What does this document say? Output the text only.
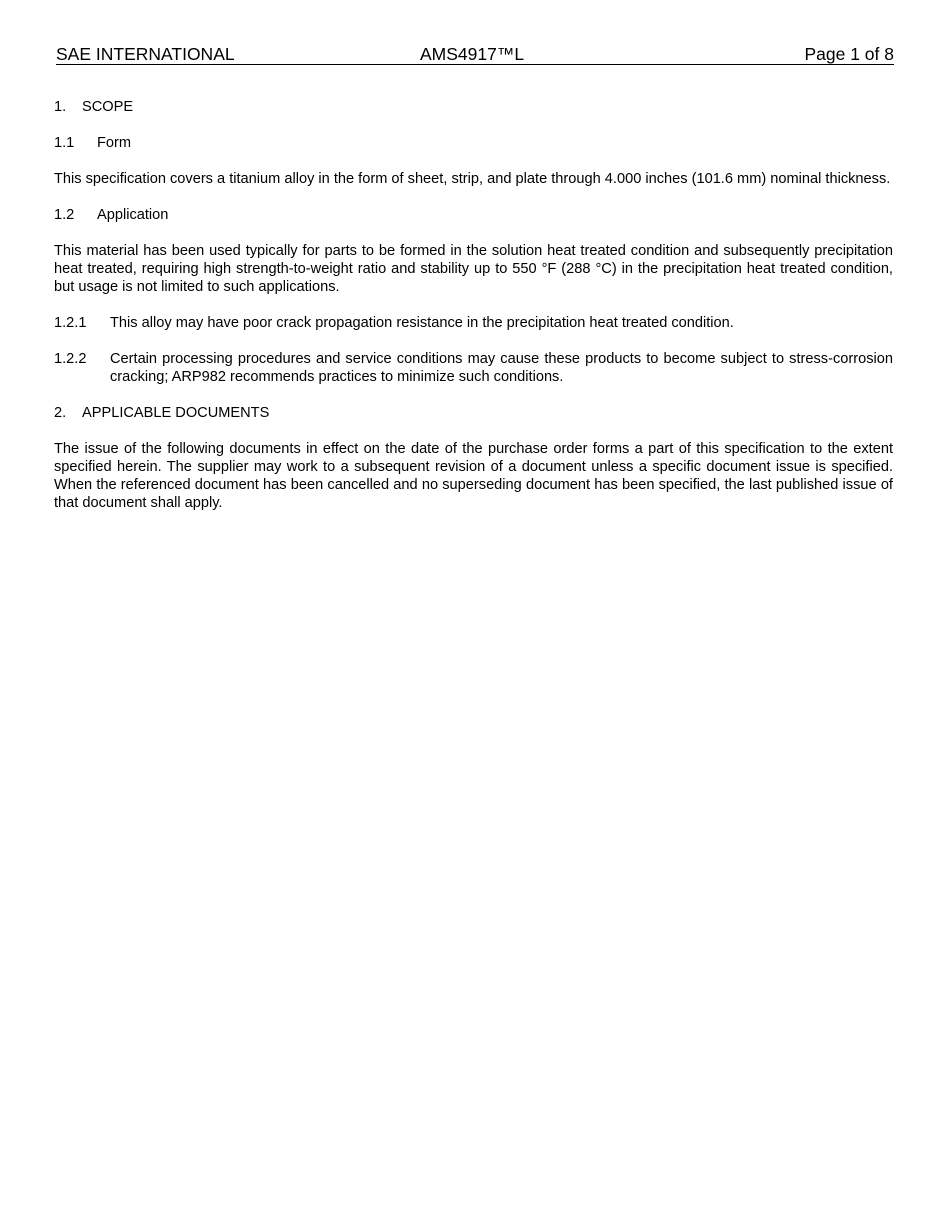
SAE INTERNATIONAL	AMS4917™L	Page 1 of 8
1. SCOPE
1.1 Form

This specification covers a titanium alloy in the form of sheet, strip, and plate through 4.000 inches (101.6 mm) nominal thickness.

1.2 Application

This material has been used typically for parts to be formed in the solution heat treated condition and subsequently precipitation heat treated, requiring high strength-to-weight ratio and stability up to 550 °F (288 °C) in the precipitation heat treated condition, but usage is not limited to such applications.

1.2.1	This alloy may have poor crack propagation resistance in the precipitation heat treated condition.
1.2.2	Certain processing procedures and service conditions may cause these products to become subject to stress-corrosion cracking; ARP982 recommends practices to minimize such conditions.
2. APPLICABLE DOCUMENTS

The issue of the following documents in effect on the date of the purchase order forms a part of this specification to the extent specified herein. The supplier may work to a subsequent revision of a document unless a specific document issue is specified. When the referenced document has been cancelled and no superseding document has been specified, the last published issue of that document shall apply.
